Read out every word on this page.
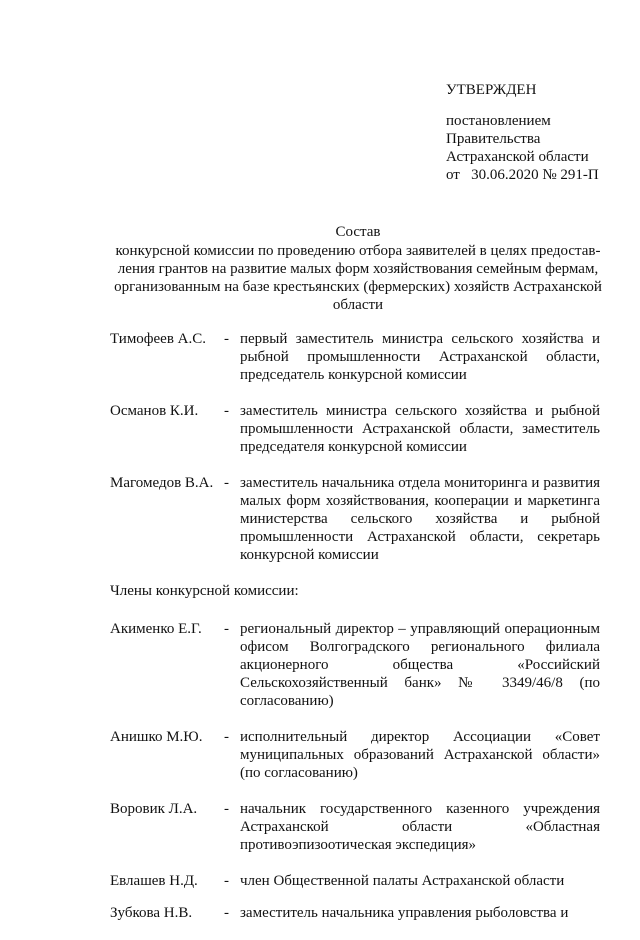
УТВЕРЖДЕН
постановлением
Правительства
Астраханской области
от   30.06.2020 № 291-П
Состав
конкурсной комиссии по проведению отбора заявителей в целях предостав-ления грантов на развитие малых форм хозяйствования семейным фермам, организованным на базе крестьянских (фермерских) хозяйств Астраханской области
Тимофеев А.С.	- первый заместитель министра сельского хозяйства и рыбной промышленности Астраханской области, председатель конкурсной комиссии
Османов К.И.	- заместитель министра сельского хозяйства и рыбной промышленности Астраханской области, заместитель председателя конкурсной комиссии
Магомедов В.А. - заместитель начальника отдела мониторинга и развития малых форм хозяйствования, кооперации и маркетинга министерства сельского хозяйства и рыбной промышленности Астраханской области, секретарь конкурсной комиссии
Члены конкурсной комиссии:
Акименко Е.Г.	- региональный директор – управляющий операционным офисом Волгоградского регионального филиала акционерного общества «Российский Сельскохозяйственный банк» № 3349/46/8 (по согласованию)
Анишко М.Ю.	- исполнительный директор Ассоциации «Совет муниципальных образований Астраханской области» (по согласованию)
Воровик Л.А.	- начальник государственного казенного учреждения Астраханской области «Областная противоэпизоотическая экспедиция»
Евлашев Н.Д.	- член Общественной палаты Астраханской области
Зубкова Н.В.	- заместитель начальника управления рыболовства и
